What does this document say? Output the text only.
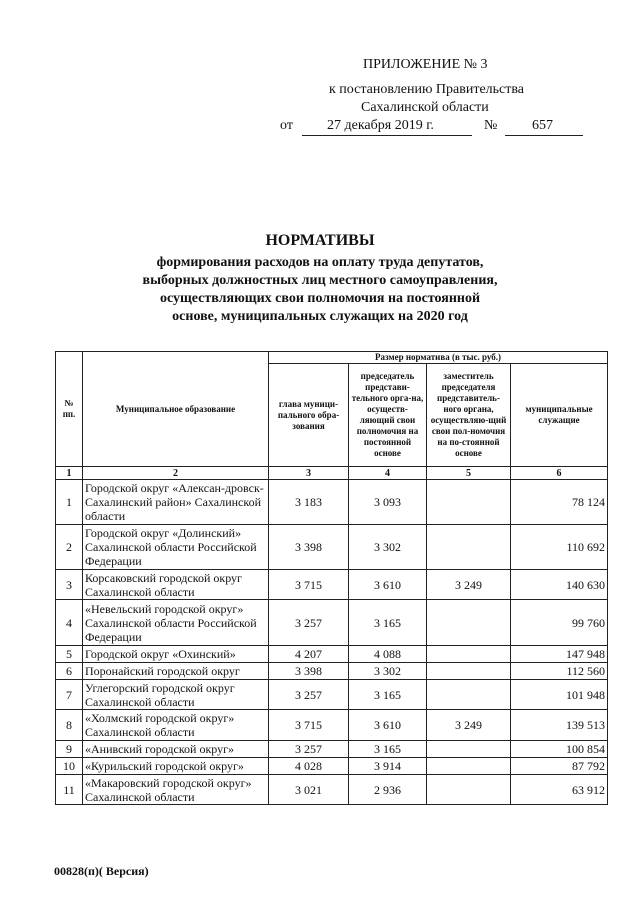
ПРИЛОЖЕНИЕ № 3
к постановлению Правительства
Сахалинской области
от 27 декабря 2019 г.	№ 657
НОРМАТИВЫ
формирования расходов на оплату труда депутатов,
выборных должностных лиц местного самоуправления,
осуществляющих свои полномочия на постоянной
основе, муниципальных служащих на 2020 год
№ пп.	Муниципальное образование	Размер норматива (в тыс. руб.)			
		глава муници-пального обра-зования	председатель представи-тельного орга-на, осуществ-ляющий свои полномочия на постоянной основе	заместитель председателя представитель-ного органа, осуществляю-щий свои пол-номочия на по-стоянной основе	муниципальные служащие
1	2	3	4	5	6
1	Городской округ «Алексан-дровск-Сахалинский район» Сахалинской области	3 183	3 093		78 124
2	Городской округ «Долинский» Сахалинской области Российской Федерации	3 398	3 302		110 692
3	Корсаковский городской округ Сахалинской области	3 715	3 610	3 249	140 630
4	«Невельский городской округ» Сахалинской области Российской Федерации	3 257	3 165		99 760
5	Городской округ «Охинский»	4 207	4 088		147 948
6	Поронайский городской округ	3 398	3 302		112 560
7	Углегорский городской округ Сахалинской области	3 257	3 165		101 948
8	«Холмский городской округ» Сахалинской области	3 715	3 610	3 249	139 513
9	«Анивский городской округ»	3 257	3 165		100 854
10	«Курильский городской округ»	4 028	3 914		87 792
11	«Макаровский городской округ» Сахалинской области	3 021	2 936		63 912
00828(п)( Версия)
